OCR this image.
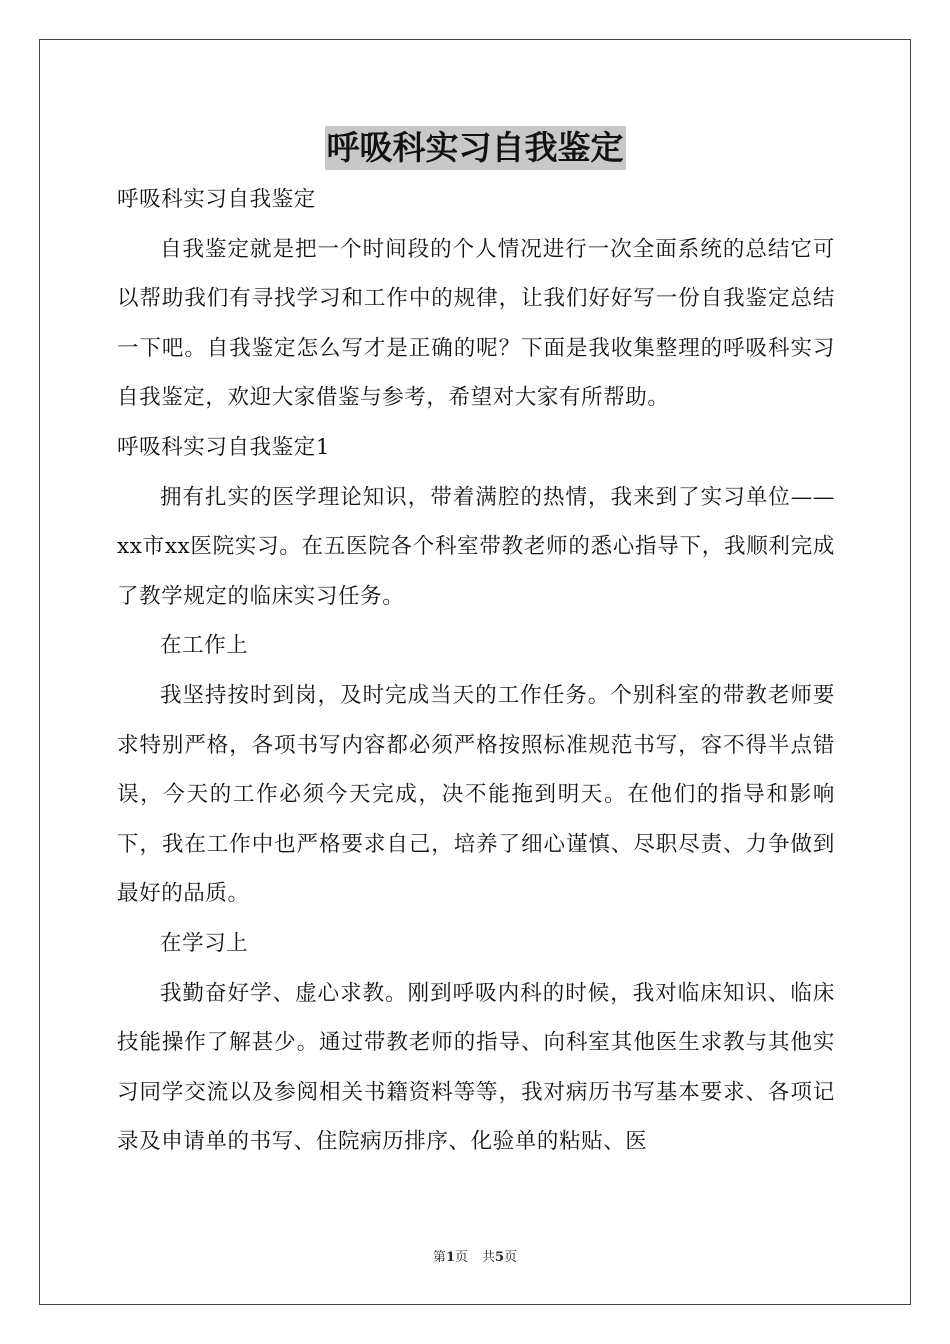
呼吸科实习自我鉴定

呼吸科实习自我鉴定

自我鉴定就是把一个时间段的个人情况进行一次全面系统的总结它可以帮助我们有寻找学习和工作中的规律，让我们好好写一份自我鉴定总结一下吧。自我鉴定怎么写才是正确的呢？下面是我收集整理的呼吸科实习自我鉴定，欢迎大家借鉴与参考，希望对大家有所帮助。

呼吸科实习自我鉴定1

拥有扎实的医学理论知识，带着满腔的热情，我来到了实习单位——xx市xx医院实习。在五医院各个科室带教老师的悉心指导下，我顺利完成了教学规定的临床实习任务。

在工作上

我坚持按时到岗，及时完成当天的工作任务。个别科室的带教老师要求特别严格，各项书写内容都必须严格按照标准规范书写，容不得半点错误，今天的工作必须今天完成，决不能拖到明天。在他们的指导和影响下，我在工作中也严格要求自己，培养了细心谨慎、尽职尽责、力争做到最好的品质。

在学习上

我勤奋好学、虚心求教。刚到呼吸内科的时候，我对临床知识、临床技能操作了解甚少。通过带教老师的指导、向科室其他医生求教与其他实习同学交流以及参阅相关书籍资料等等，我对病历书写基本要求、各项记录及申请单的书写、住院病历排序、化验单的粘贴、医

第1页 共5页
